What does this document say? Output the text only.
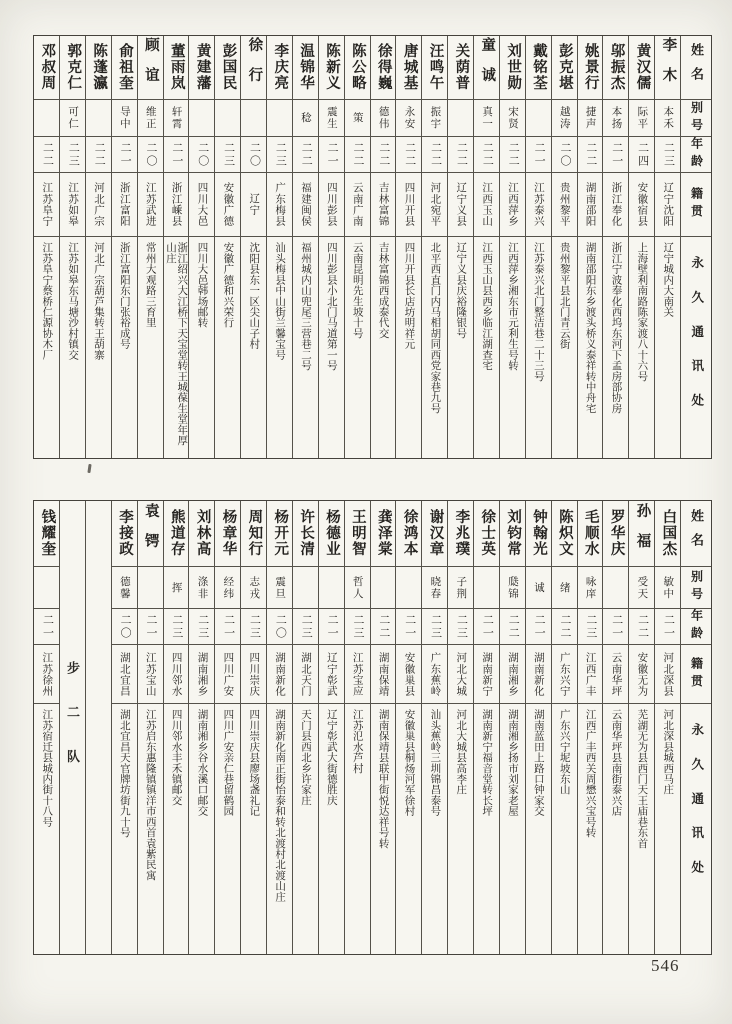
姓名
别号
年龄
籍贯
永久通讯处
李木
本禾
二三
辽宁沈阳
辽宁城内大南关
黄汉儒
际平
二四
安徽宿县
上海壁利南路陈家渡八十六号
邬振杰
本扬
二一
浙江奉化
浙江宁波奉化西坞东河下孟房部协房
姚景行
捷声
二二
湖南邵阳
湖南邵阳东乡渡头桥义泰祥转中舟宅
彭克堪
越涛
二〇
贵州黎平
贵州黎平县北门青云街
戴铭荃
二一
江苏泰兴
江苏泰兴北门整洁巷二十三号
刘世勋
宋贤
二二
江西萍乡
江西萍乡湘东市元利生号转
童诚
真一
二二
江西玉山
江西玉山县西乡临江湖查宅
关荫普
二二
辽宁义县
辽宁义县庆裕隆银号
汪鸣午
振宇
二二
河北宛平
北平西直门内马相胡同西党家巷九号
唐城基
永安
二二
四川开县
四川开县长店坊明祥元
徐得巍
德伟
二二
吉林富锦
吉林富锦西成泰代交
陈公略
策
二二
云南广南
云南昆明先生坡十号
陈新义
震生
二一
四川彭县
四川彭县小北门马道第一号
温锦华
稔
二二
福建闽侯
福州城内山兜尾三营巷二号
李庆亮
二三
广东梅县
汕头梅县中山街兰馨宝号
徐行
二〇
辽宁
沈阳县东一区尖山子村
彭国民
二三
安徽广德
安徽广德和兴荣行
黄建藩
二〇
四川大邑
四川大邑韩场邮转
董雨岚
轩霄
二一
浙江嵊县
浙江绍兴大江桥下天宝堂转王城葆生堂年厚山庄
顾谊
维正
二〇
江苏武进
常州大观路三育里
俞祖奎
导中
二一
浙江富阳
浙江富阳东门张裕成号
陈蓬瀛
二二
河北广宗
河北广宗葫芦集转王葫寨
郭克仁
可仁
二三
江苏如皋
江苏如皋东马塘沙村镇交
邓叔周
二二
江苏阜宁
江苏阜宁蔡桥仁源协木厂
姓名
别号
年龄
籍贯
永久通讯处
白国杰
敏中
二一
河北深县
河北深县城西马庄
孙福
受天
二二
安徽无为
芜湖无为县西门天王庙巷东首
罗华庆
二一
云南华坪
云南华坪县南街泰兴店
毛顺水
咏庠
二三
江西广丰
江西广丰西关周懋兴宝号转
陈炽文
绪
二二
广东兴宁
广东兴宁坭坡东山
钟翰光
诚
二一
湖南新化
湖南蓝田上路口钟家交
刘钧常
瓞锦
二二
湖南湘乡
湖南湘乡扬市刘家老屋
徐士英
二一
湖南新宁
湖南新宁福音堂转长坪
李兆璞
子荆
二三
河北大城
河北大城县高李庄
谢汉章
晓春
二三
广东蕉岭
汕头蕉岭三圳锦昌泰号
徐鸿本
二一
安徽巢县
安徽巢县桐炀河军徐村
龚泽棠
二二
湖南保靖
湖南保靖县联甲街悦达祥号转
王明智
哲人
二三
江苏宝应
江苏氾水芦村
杨德业
二一
辽宁彰武
辽宁彰武大街德胜庆
许长清
二三
湖北天门
天门县西北乡许家庄
杨开元
震旦
二〇
湖南新化
湖南新化南正街怡泰和转北渡村北渡山庄
周知行
志戎
二三
四川崇庆
四川崇庆县廖场盏礼记
杨章华
经纬
二一
四川广安
四川广安亲仁巷留鹤园
刘林高
涤非
二三
湖南湘乡
湖南湘乡谷水溪口邮交
熊道存
挥
二三
四川邻水
四川邻水丰禾镇邮交
袁锷
二一
江苏宝山
江苏启东惠隆镇镇洋市西首袁紫民寓
李接政
德馨
二〇
湖北宜昌
湖北宜昌天官牌坊街九十号
步二队
钱耀奎
二一
江苏徐州
江苏宿迁县城内街十八号
546
